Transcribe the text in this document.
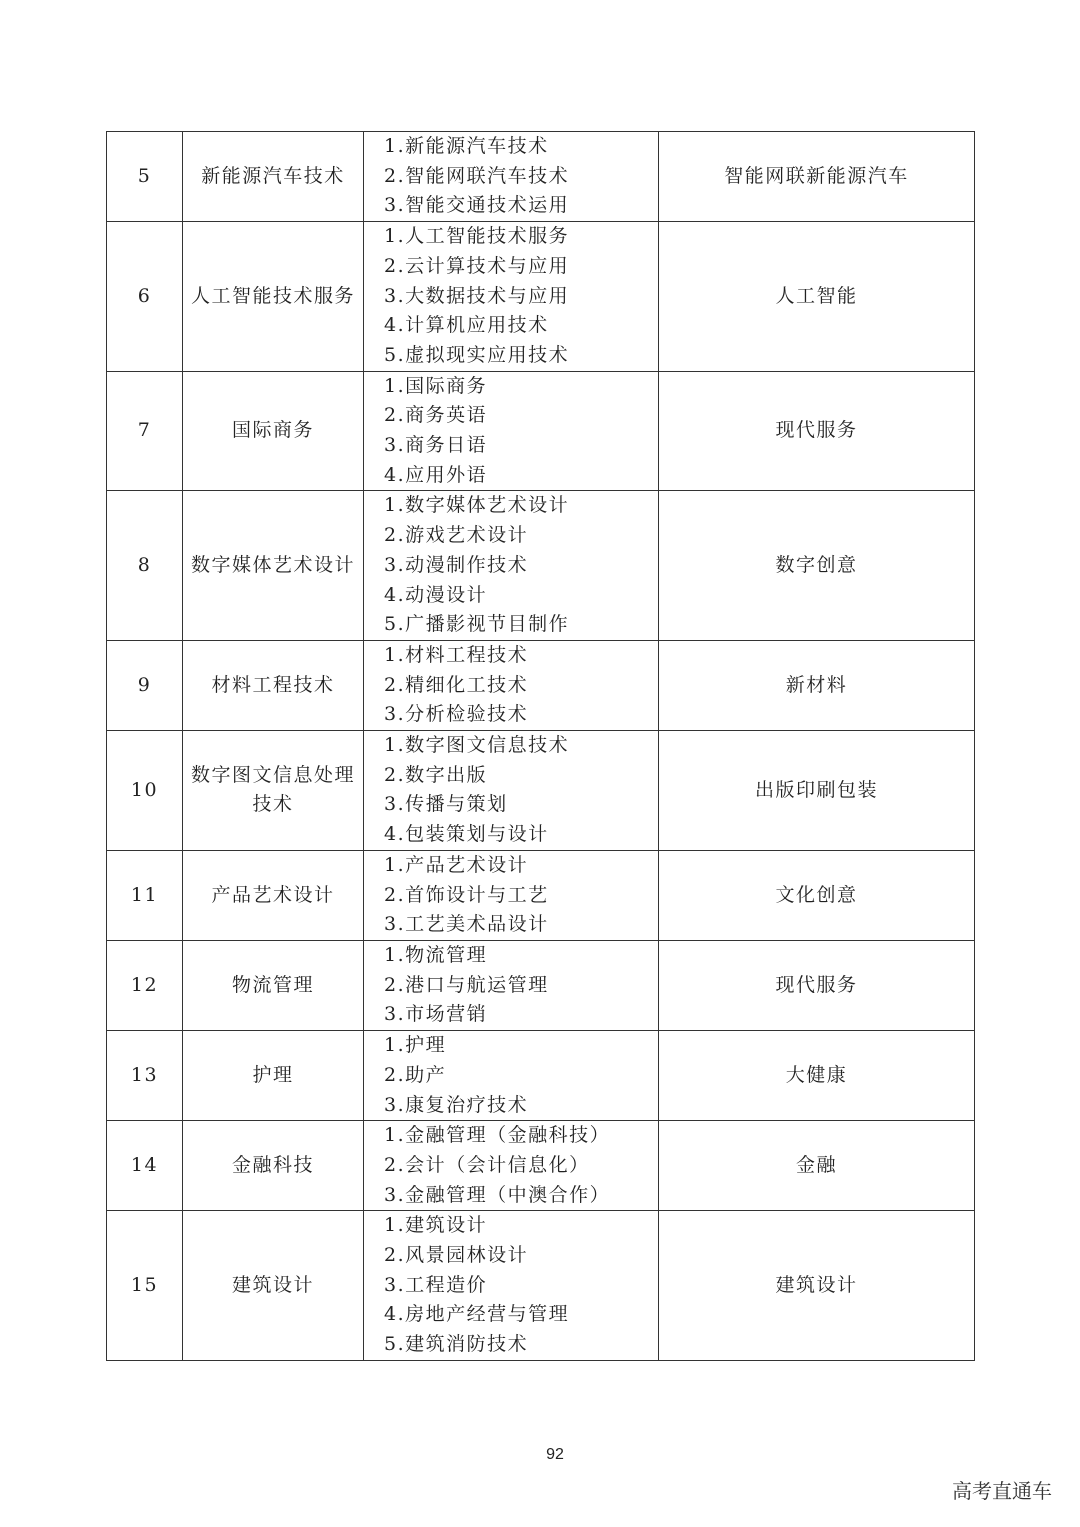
5	新能源汽车技术	1.新能源汽车技术
2.智能网联汽车技术
3.智能交通技术运用	智能网联新能源汽车
6	人工智能技术服务	1.人工智能技术服务
2.云计算技术与应用
3.大数据技术与应用
4.计算机应用技术
5.虚拟现实应用技术	人工智能
7	国际商务	1.国际商务
2.商务英语
3.商务日语
4.应用外语	现代服务
8	数字媒体艺术设计	1.数字媒体艺术设计
2.游戏艺术设计
3.动漫制作技术
4.动漫设计
5.广播影视节目制作	数字创意
9	材料工程技术	1.材料工程技术
2.精细化工技术
3.分析检验技术	新材料
10	数字图文信息处理技术	1.数字图文信息技术
2.数字出版
3.传播与策划
4.包装策划与设计	出版印刷包装
11	产品艺术设计	1.产品艺术设计
2.首饰设计与工艺
3.工艺美术品设计	文化创意
12	物流管理	1.物流管理
2.港口与航运管理
3.市场营销	现代服务
13	护理	1.护理
2.助产
3.康复治疗技术	大健康
14	金融科技	1.金融管理（金融科技）
2.会计（会计信息化）
3.金融管理（中澳合作）	金融
15	建筑设计	1.建筑设计
2.风景园林设计
3.工程造价
4.房地产经营与管理
5.建筑消防技术	建筑设计
92
高考直通车
